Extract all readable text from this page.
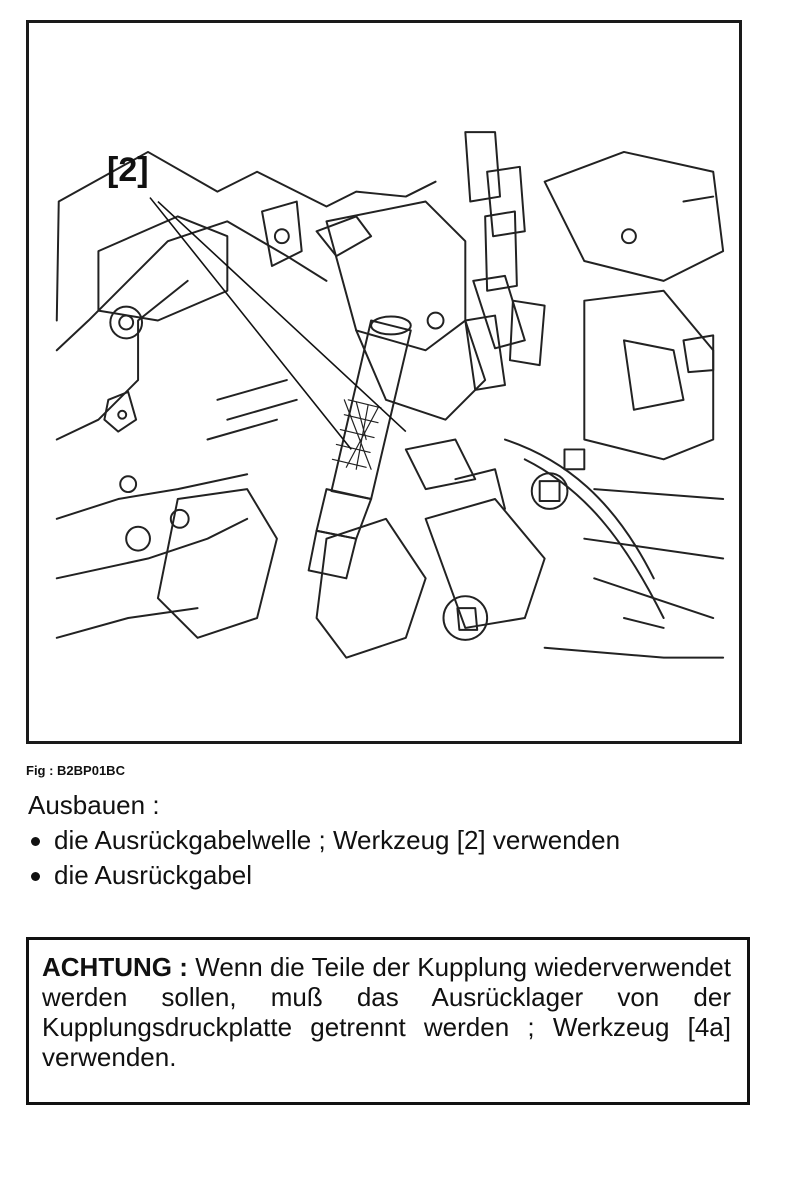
[2]
Fig : B2BP01BC

Ausbauen :

die Ausrückgabelwelle ; Werkzeug [2] verwenden
die Ausrückgabel
ACHTUNG : Wenn die Teile der Kupplung wiederverwendet werden sollen, muß das Ausrücklager von der Kupplungsdruckplatte getrennt werden ; Werkzeug [4a] verwenden.
